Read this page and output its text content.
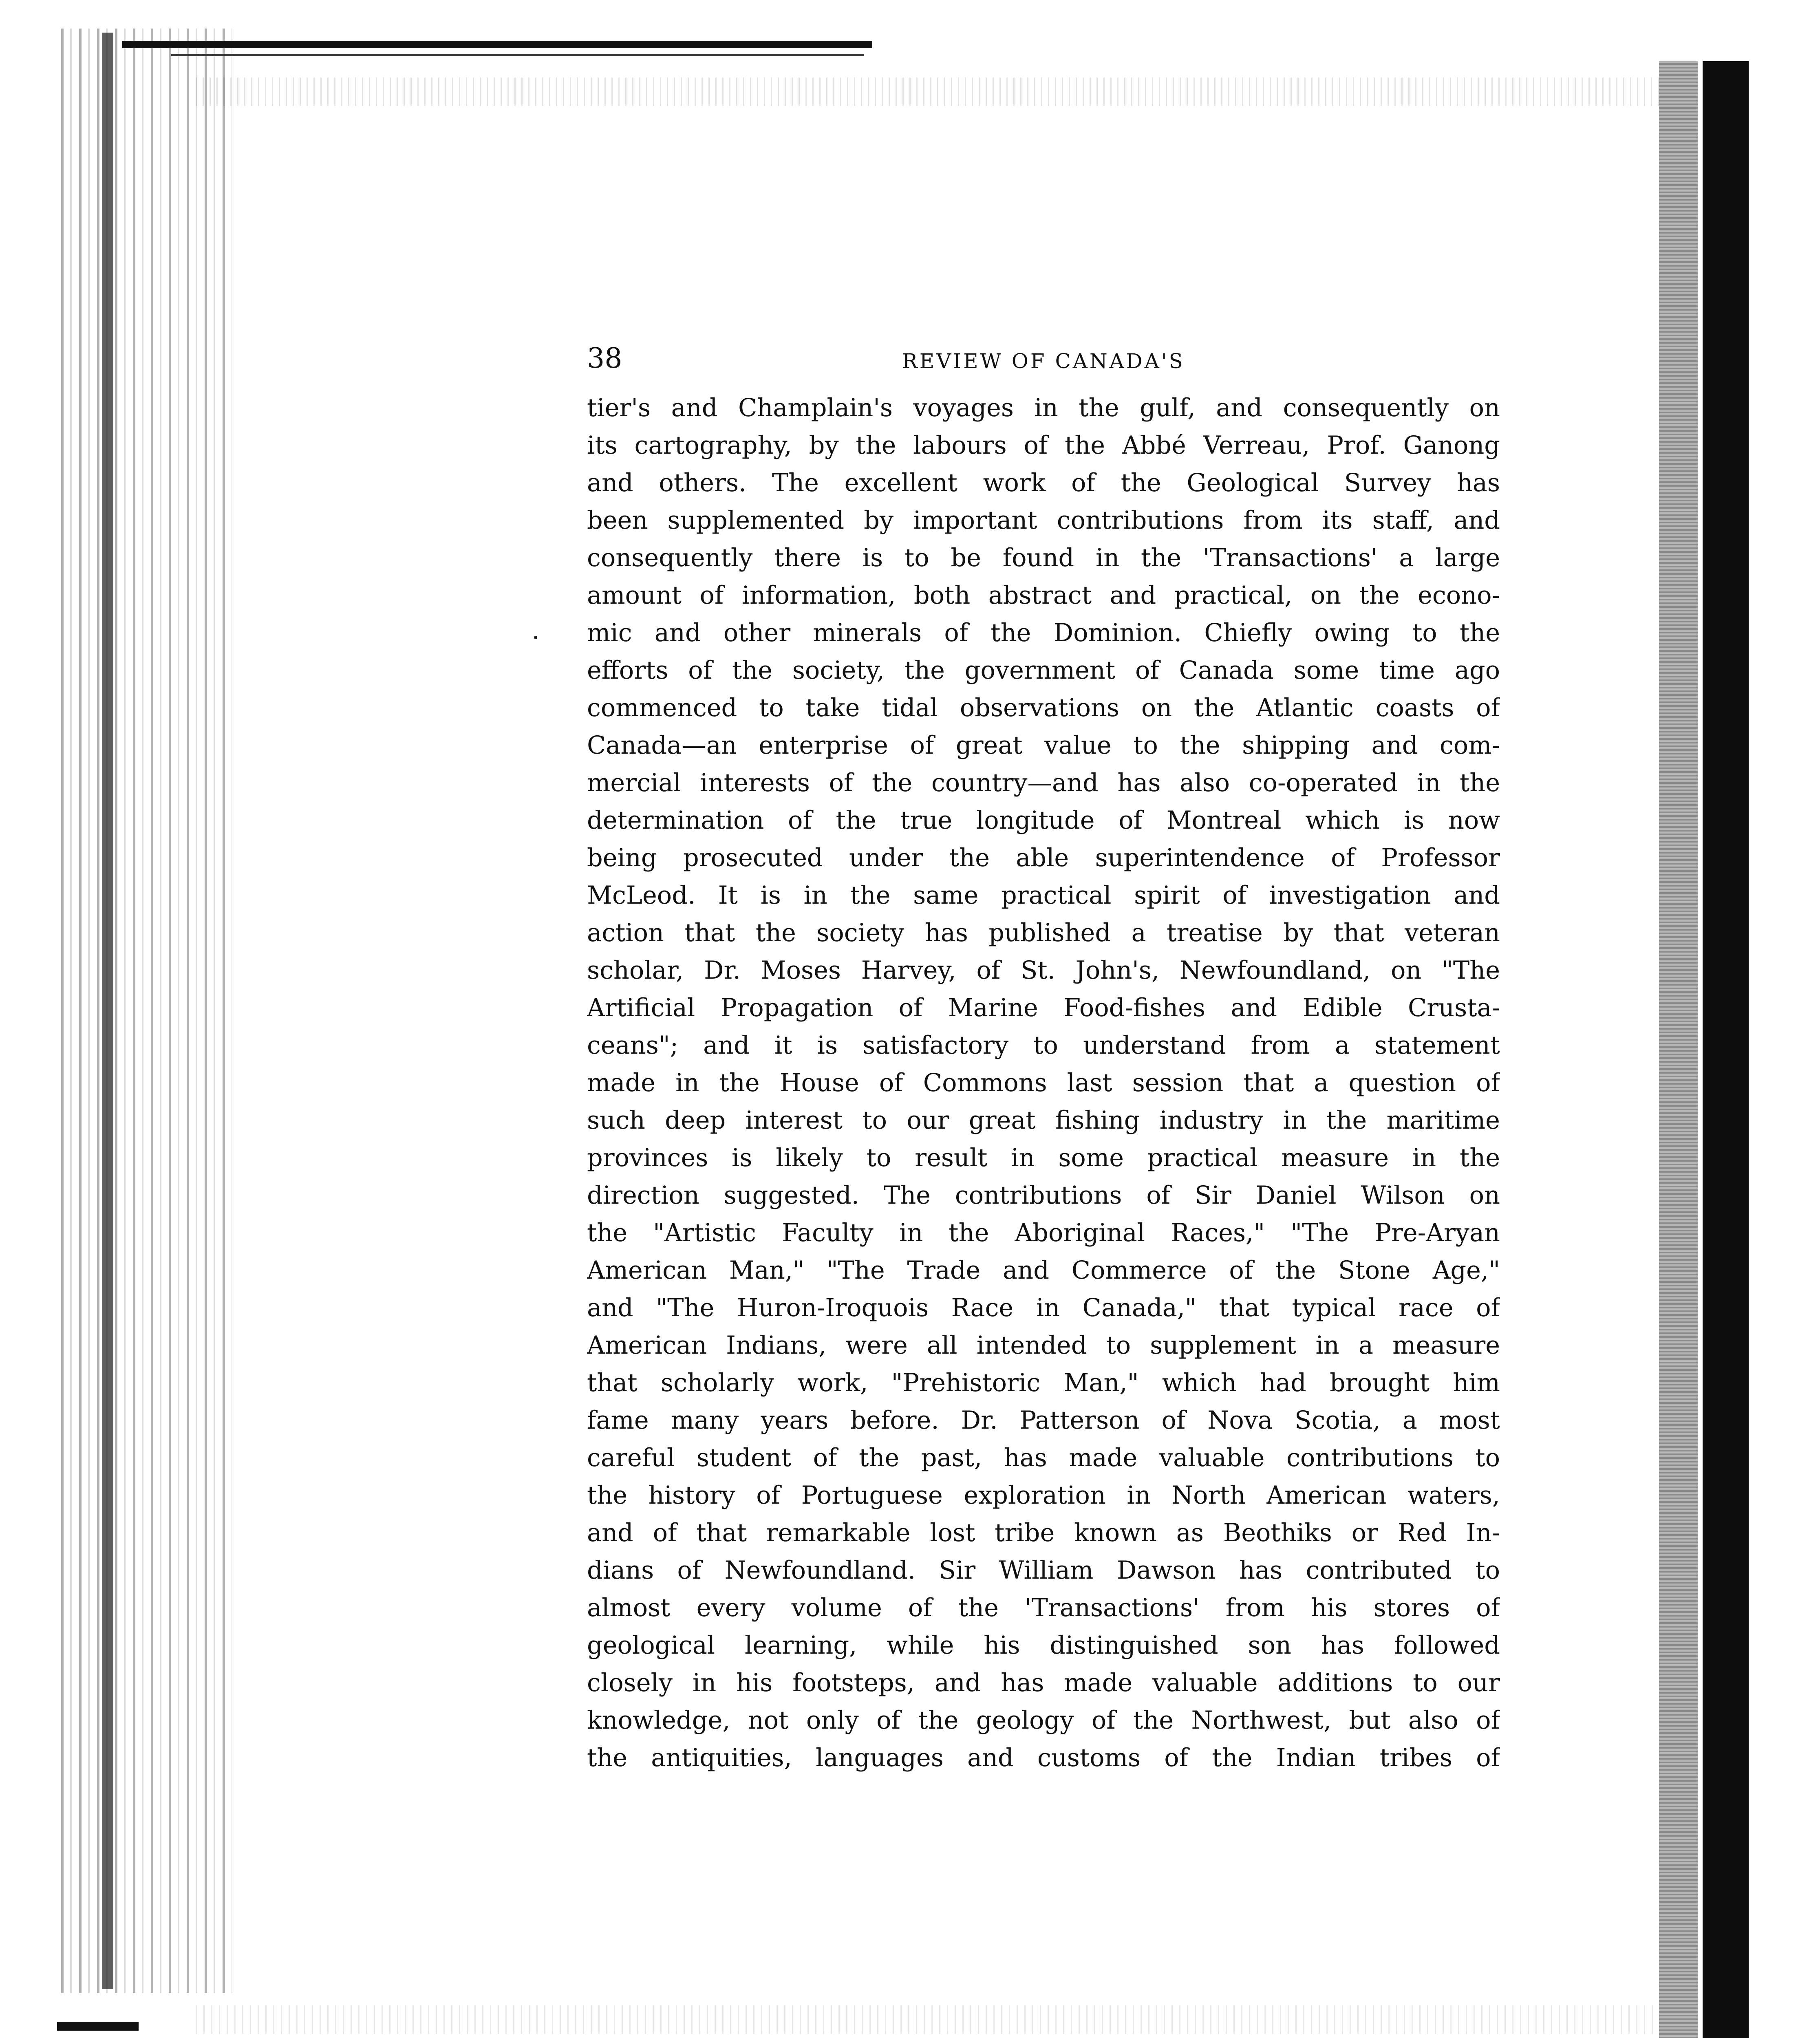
38	REVIEW OF CANADA'S
tier's and Champlain's voyages in the gulf, and consequently on
its cartography, by the labours of the Abbé Verreau, Prof. Ganong
and others. The excellent work of the Geological Survey has
been supplemented by important contributions from its staff, and
consequently there is to be found in the 'Transactions' a large
amount of information, both abstract and practical, on the econo-
mic and other minerals of the Dominion. Chiefly owing to the
efforts of the society, the government of Canada some time ago
commenced to take tidal observations on the Atlantic coasts of
Canada—an enterprise of great value to the shipping and com-
mercial interests of the country—and has also co-operated in the
determination of the true longitude of Montreal which is now
being prosecuted under the able superintendence of Professor
McLeod. It is in the same practical spirit of investigation and
action that the society has published a treatise by that veteran
scholar, Dr. Moses Harvey, of St. John's, Newfoundland, on "The
Artificial Propagation of Marine Food-fishes and Edible Crusta-
ceans"; and it is satisfactory to understand from a statement
made in the House of Commons last session that a question of
such deep interest to our great fishing industry in the maritime
provinces is likely to result in some practical measure in the
direction suggested. The contributions of Sir Daniel Wilson on
the "Artistic Faculty in the Aboriginal Races," "The Pre-Aryan
American Man," "The Trade and Commerce of the Stone Age,"
and "The Huron-Iroquois Race in Canada," that typical race of
American Indians, were all intended to supplement in a measure
that scholarly work, "Prehistoric Man," which had brought him
fame many years before. Dr. Patterson of Nova Scotia, a most
careful student of the past, has made valuable contributions to
the history of Portuguese exploration in North American waters,
and of that remarkable lost tribe known as Beothiks or Red In-
dians of Newfoundland. Sir William Dawson has contributed to
almost every volume of the 'Transactions' from his stores of
geological learning, while his distinguished son has followed
closely in his footsteps, and has made valuable additions to our
knowledge, not only of the geology of the Northwest, but also of
the antiquities, languages and customs of the Indian tribes of
